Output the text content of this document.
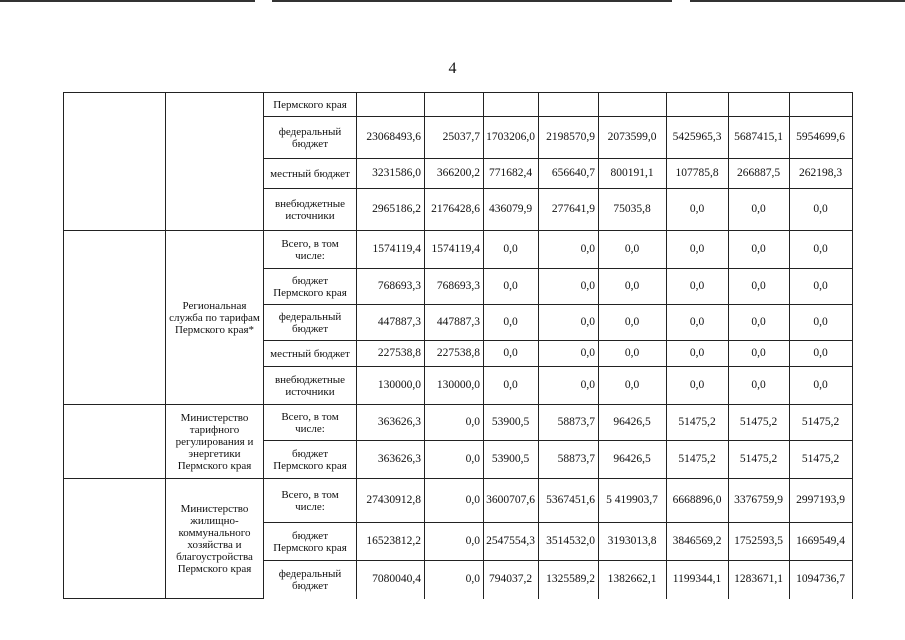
4
		Пермского края								
		федеральный бюджет	23068493,6	25037,7	1703206,0	2198570,9	2073599,0	5425965,3	5687415,1	5954699,6
		местный бюджет	3231586,0	366200,2	771682,4	656640,7	800191,1	107785,8	266887,5	262198,3
		внебюджетные источники	2965186,2	2176428,6	436079,9	277641,9	75035,8	0,0	0,0	0,0
	Региональная служба по тарифам Пермского края*	Всего, в том числе:	1574119,4	1574119,4	0,0	0,0	0,0	0,0	0,0	0,0
		бюджет Пермского края	768693,3	768693,3	0,0	0,0	0,0	0,0	0,0	0,0
		федеральный бюджет	447887,3	447887,3	0,0	0,0	0,0	0,0	0,0	0,0
		местный бюджет	227538,8	227538,8	0,0	0,0	0,0	0,0	0,0	0,0
		внебюджетные источники	130000,0	130000,0	0,0	0,0	0,0	0,0	0,0	0,0
	Министерство тарифного регулирования и энергетики Пермского края	Всего, в том числе:	363626,3	0,0	53900,5	58873,7	96426,5	51475,2	51475,2	51475,2
		бюджет Пермского края	363626,3	0,0	53900,5	58873,7	96426,5	51475,2	51475,2	51475,2
	Министерство жилищно-коммунального хозяйства и благоустройства Пермского края	Всего, в том числе:	27430912,8	0,0	3600707,6	5367451,6	5 419903,7	6668896,0	3376759,9	2997193,9
		бюджет Пермского края	16523812,2	0,0	2547554,3	3514532,0	3193013,8	3846569,2	1752593,5	1669549,4
		федеральный бюджет	7080040,4	0,0	794037,2	1325589,2	1382662,1	1199344,1	1283671,1	1094736,7
